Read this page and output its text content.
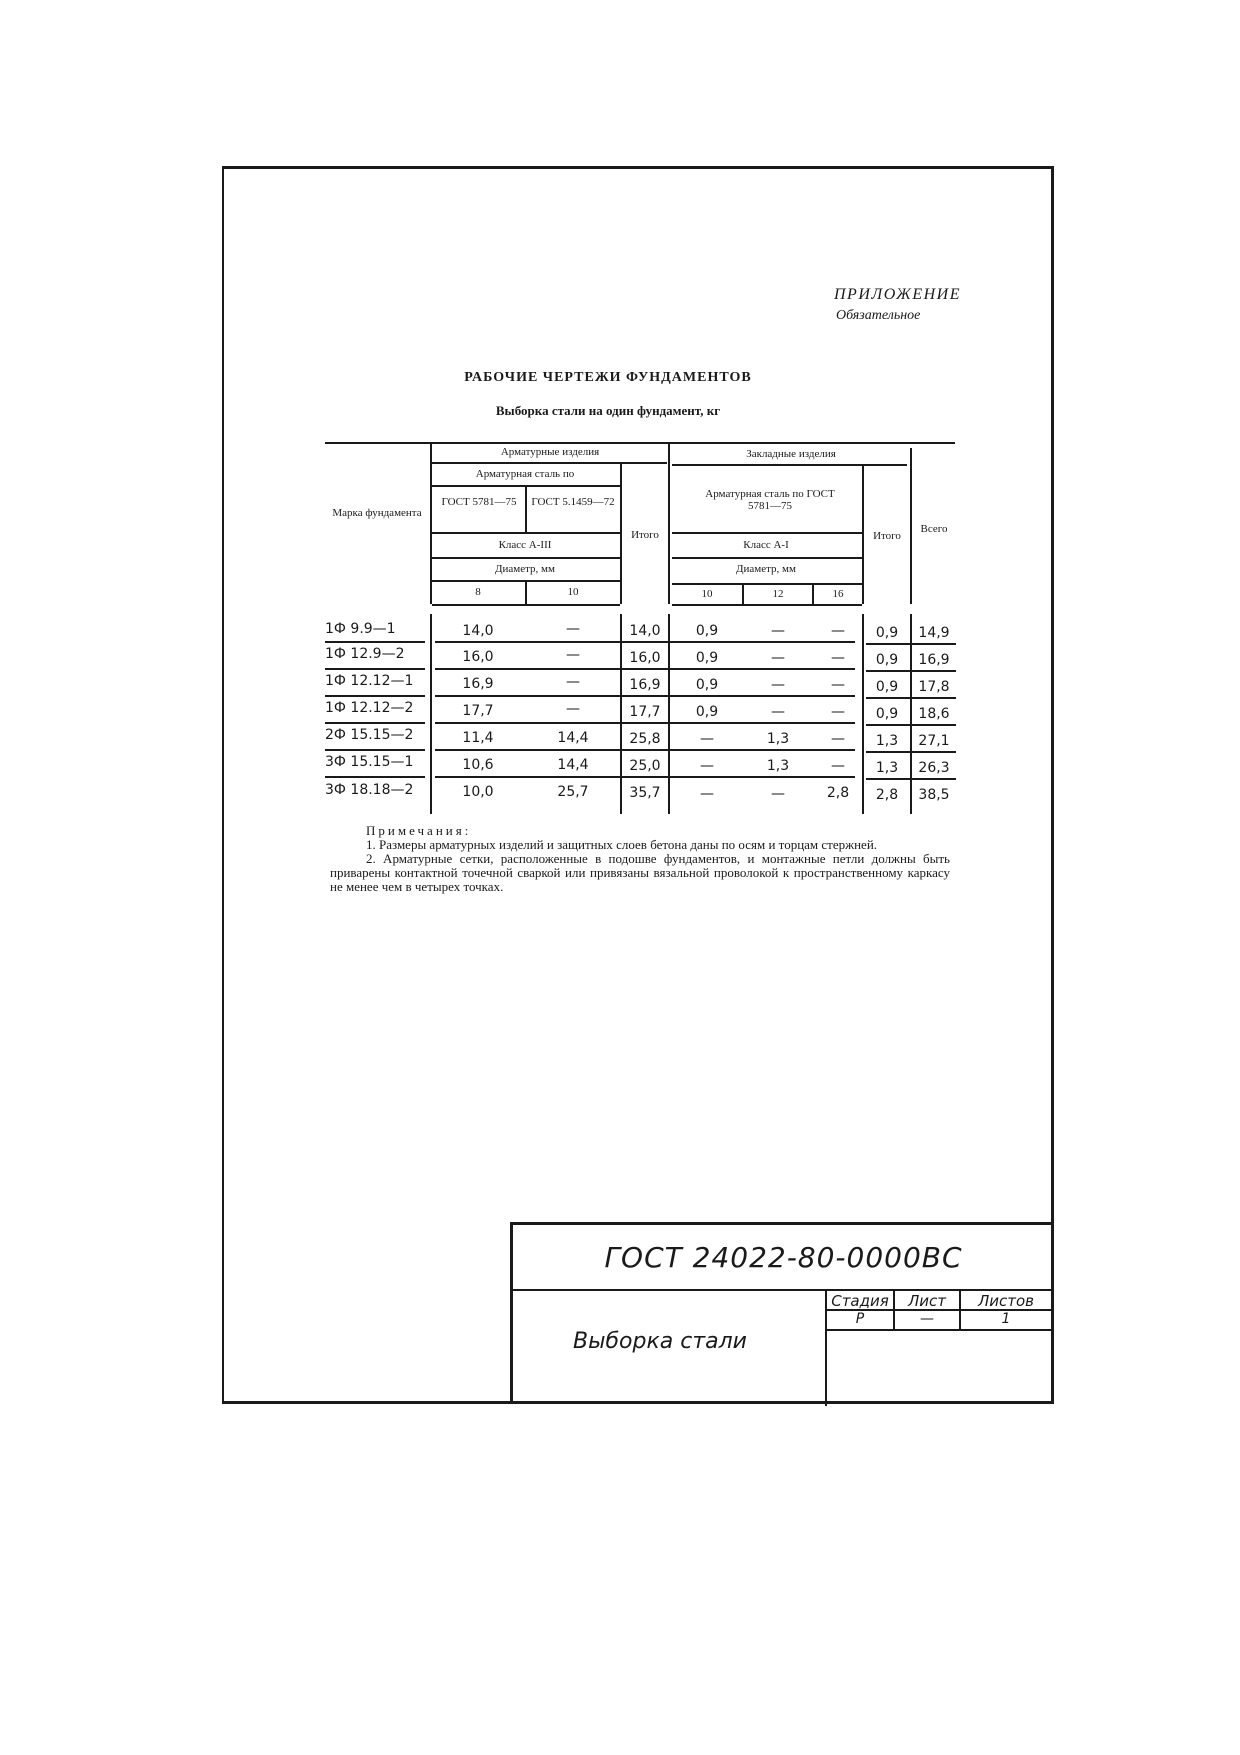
ПРИЛОЖЕНИЕ
Обязательное
РАБОЧИЕ ЧЕРТЕЖИ ФУНДАМЕНТОВ
Выборка стали на один фундамент, кг
Марка фундамента
Арматурные изделия
Арматурная сталь по
ГОСТ 5781—75	ГОСТ 5.1459—72
Класс А-III
Диаметр, мм
8	10
Итого
Закладные изделия
Арматурная сталь по ГОСТ 5781—75
Класс А-I
Диаметр, мм
10	12	16
Итого
Всего
1Ф 9.9—1	14,0	—	14,0	0,9	—	—	0,9	14,9
1Ф 12.9—2	16,0	—	16,0	0,9	—	—	0,9	16,9
1Ф 12.12—1	16,9	—	16,9	0,9	—	—	0,9	17,8
1Ф 12.12—2	17,7	—	17,7	0,9	—	—	0,9	18,6
2Ф 15.15—2	11,4	14,4	25,8	—	1,3	—	1,3	27,1
3Ф 15.15—1	10,6	14,4	25,0	—	1,3	—	1,3	26,3
3Ф 18.18—2	10,0	25,7	35,7	—	—	2,8	2,8	38,5

Примечания:

1. Размеры арматурных изделий и защитных слоев бетона даны по осям и торцам стержней.

2. Арматурные сетки, расположенные в подошве фундаментов, и монтажные петли должны быть приварены контактной точечной сваркой или привязаны вязальной проволокой к пространственному каркасу не менее чем в четырех точках.

ГОСТ 24022-80-0000ВС
Выборка стали
Стадия	Лист	Листов
Р	—	1
